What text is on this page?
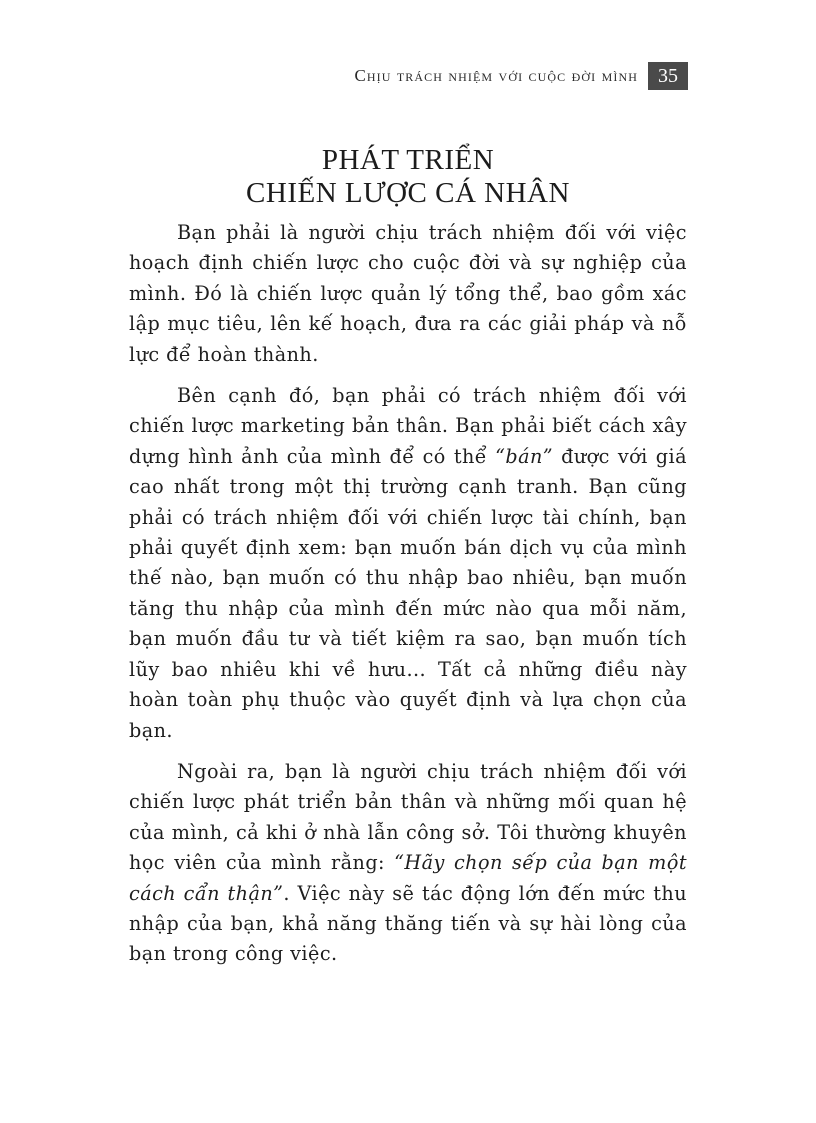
Chịu trách nhiệm với cuộc đời mình	35
PHÁT TRIỂN
CHIẾN LƯỢC CÁ NHÂN

Bạn phải là người chịu trách nhiệm đối với việc hoạch định chiến lược cho cuộc đời và sự nghiệp của mình. Đó là chiến lược quản lý tổng thể, bao gồm xác lập mục tiêu, lên kế hoạch, đưa ra các giải pháp và nỗ lực để hoàn thành.

Bên cạnh đó, bạn phải có trách nhiệm đối với chiến lược marketing bản thân. Bạn phải biết cách xây dựng hình ảnh của mình để có thể “bán” được với giá cao nhất trong một thị trường cạnh tranh. Bạn cũng phải có trách nhiệm đối với chiến lược tài chính, bạn phải quyết định xem: bạn muốn bán dịch vụ của mình thế nào, bạn muốn có thu nhập bao nhiêu, bạn muốn tăng thu nhập của mình đến mức nào qua mỗi năm, bạn muốn đầu tư và tiết kiệm ra sao, bạn muốn tích lũy bao nhiêu khi về hưu... Tất cả những điều này hoàn toàn phụ thuộc vào quyết định và lựa chọn của bạn.

Ngoài ra, bạn là người chịu trách nhiệm đối với chiến lược phát triển bản thân và những mối quan hệ của mình, cả khi ở nhà lẫn công sở. Tôi thường khuyên học viên của mình rằng: “Hãy chọn sếp của bạn một cách cẩn thận”. Việc này sẽ tác động lớn đến mức thu nhập của bạn, khả năng thăng tiến và sự hài lòng của bạn trong công việc.
